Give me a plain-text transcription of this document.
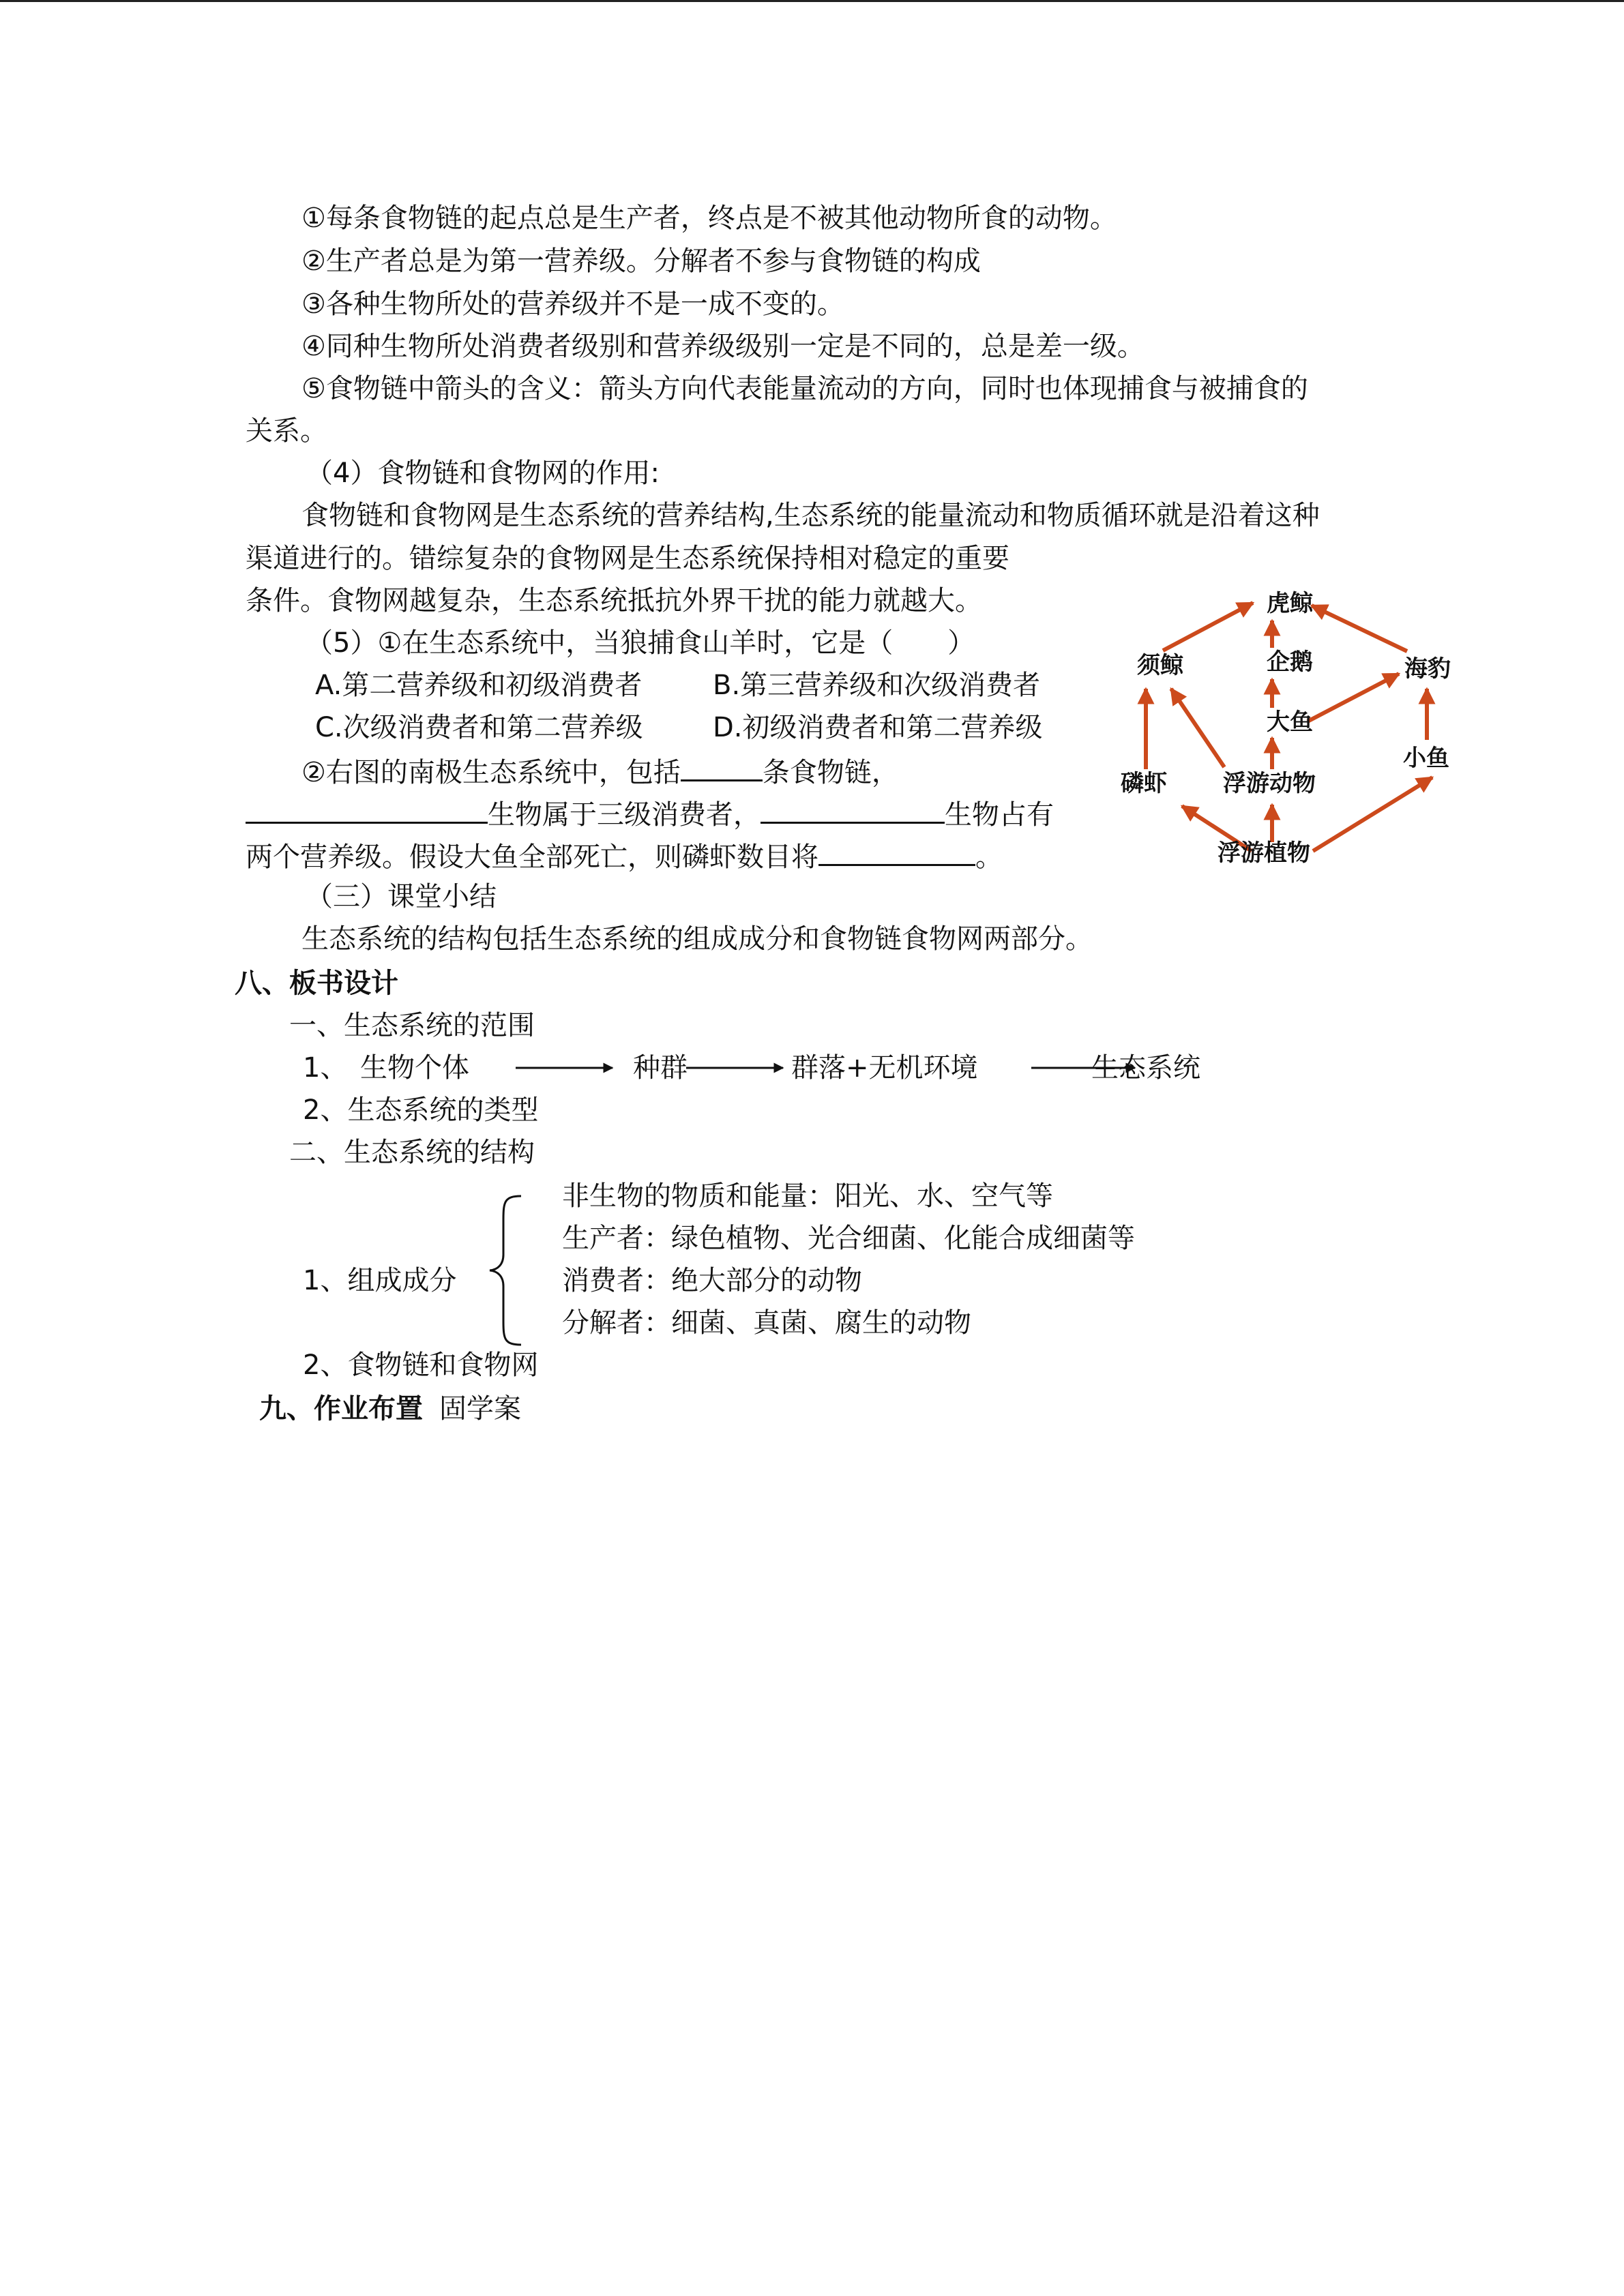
①每条食物链的起点总是生产者，终点是不被其他动物所食的动物。
②生产者总是为第一营养级。分解者不参与食物链的构成
③各种生物所处的营养级并不是一成不变的。
④同种生物所处消费者级别和营养级级别一定是不同的，总是差一级。
⑤食物链中箭头的含义：箭头方向代表能量流动的方向，同时也体现捕食与被捕食的
关系。
（4）食物链和食物网的作用:
食物链和食物网是生态系统的营养结构,生态系统的能量流动和物质循环就是沿着这种
渠道进行的。错综复杂的食物网是生态系统保持相对稳定的重要
条件。食物网越复杂，生态系统抵抗外界干扰的能力就越大。
（5）①在生态系统中，当狼捕食山羊时，它是（　　）
A.第二营养级和初级消费者	B.第三营养级和次级消费者
C.次级消费者和第二营养级	D.初级消费者和第二营养级
②右图的南极生态系统中，包括	条食物链，
生物属于三级消费者，	生物占有
两个营养级。假设大鱼全部死亡，则磷虾数目将	。
虎鲸
企鹅
须鲸	海豹
大鱼
小鱼
磷虾 浮游动物
浮游植物
（三）课堂小结
生态系统的结构包括生态系统的组成成分和食物链食物网两部分。
八、板书设计
一、生态系统的范围
1、 生物个体	种群	群落+无机环境	生态系统
2、生态系统的类型
二、生态系统的结构
1、组成成分
非生物的物质和能量：阳光、水、空气等
生产者：绿色植物、光合细菌、化能合成细菌等
消费者：绝大部分的动物
分解者：细菌、真菌、腐生的动物
2、食物链和食物网
九、作业布置 固学案
